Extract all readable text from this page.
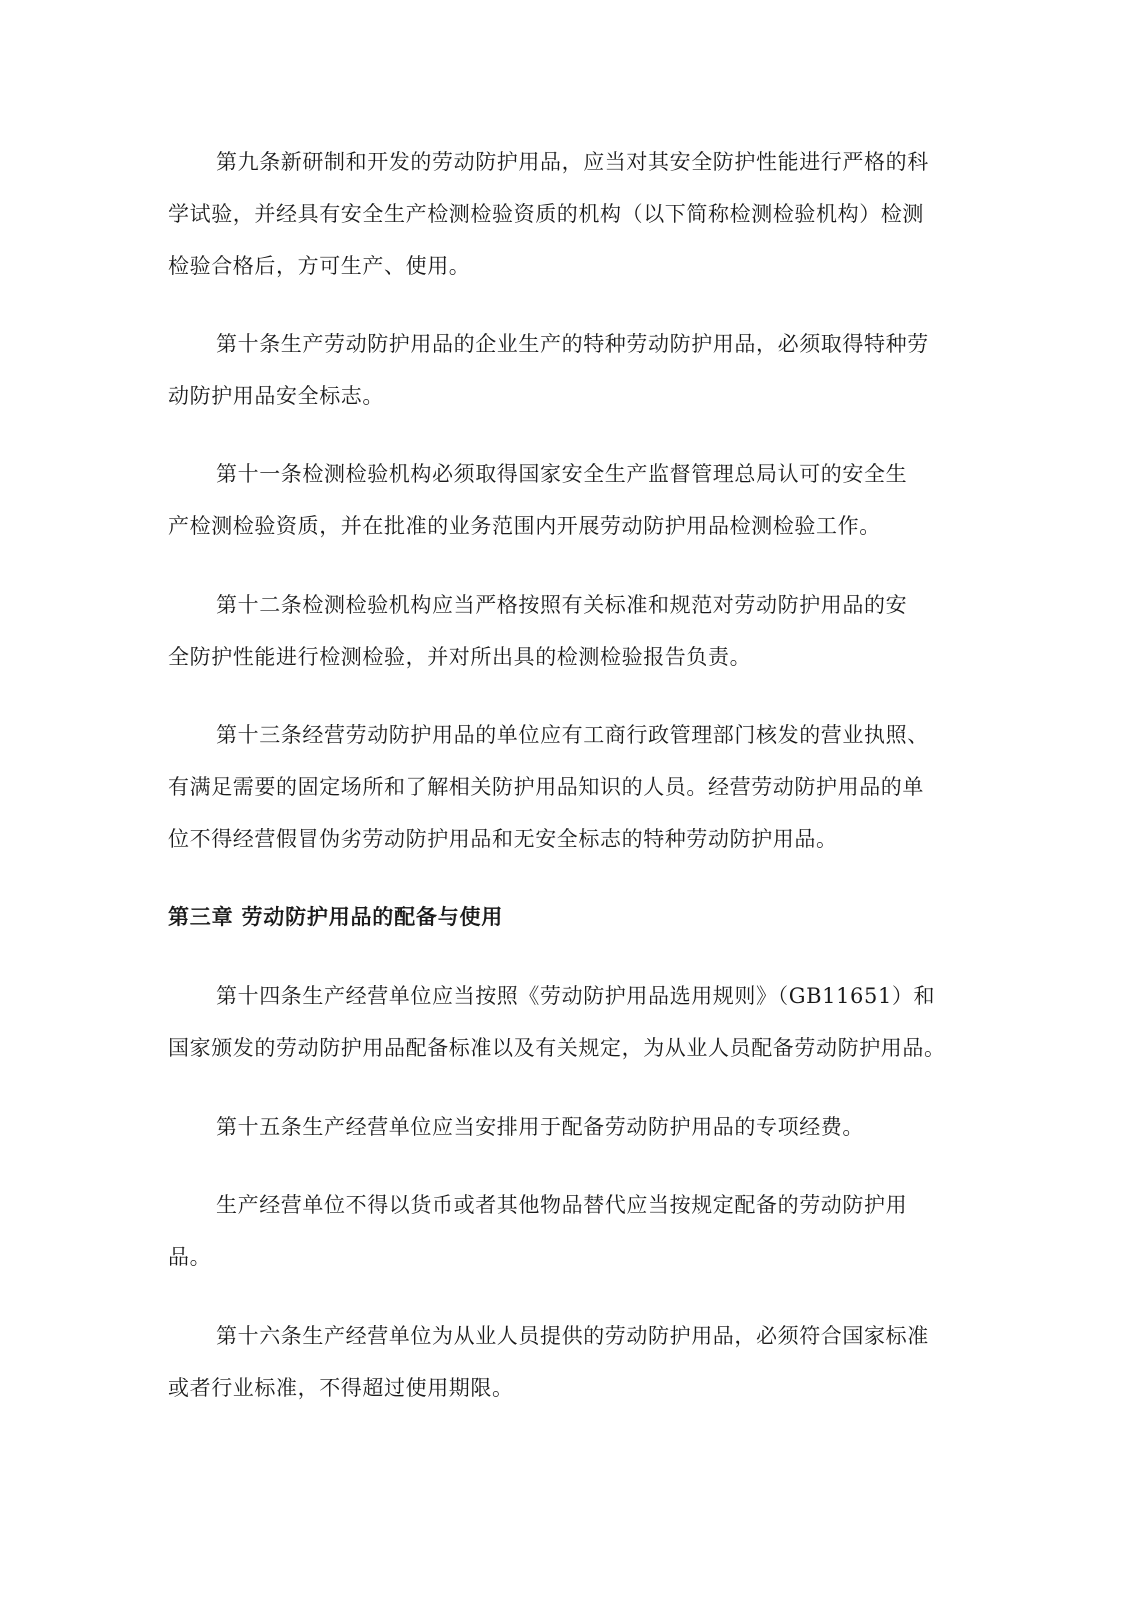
第九条新研制和开发的劳动防护用品，应当对其安全防护性能进行严格的科
学试验，并经具有安全生产检测检验资质的机构（以下简称检测检验机构）检测
检验合格后，方可生产、使用。
第十条生产劳动防护用品的企业生产的特种劳动防护用品，必须取得特种劳
动防护用品安全标志。
第十一条检测检验机构必须取得国家安全生产监督管理总局认可的安全生
产检测检验资质，并在批准的业务范围内开展劳动防护用品检测检验工作。
第十二条检测检验机构应当严格按照有关标准和规范对劳动防护用品的安
全防护性能进行检测检验，并对所出具的检测检验报告负责。
第十三条经营劳动防护用品的单位应有工商行政管理部门核发的营业执照、
有满足需要的固定场所和了解相关防护用品知识的人员。经营劳动防护用品的单
位不得经营假冒伪劣劳动防护用品和无安全标志的特种劳动防护用品。
第三章 劳动防护用品的配备与使用
第十四条生产经营单位应当按照《劳动防护用品选用规则》（GB11651）和
国家颁发的劳动防护用品配备标准以及有关规定，为从业人员配备劳动防护用品。
第十五条生产经营单位应当安排用于配备劳动防护用品的专项经费。
生产经营单位不得以货币或者其他物品替代应当按规定配备的劳动防护用
品。
第十六条生产经营单位为从业人员提供的劳动防护用品，必须符合国家标准
或者行业标准，不得超过使用期限。
